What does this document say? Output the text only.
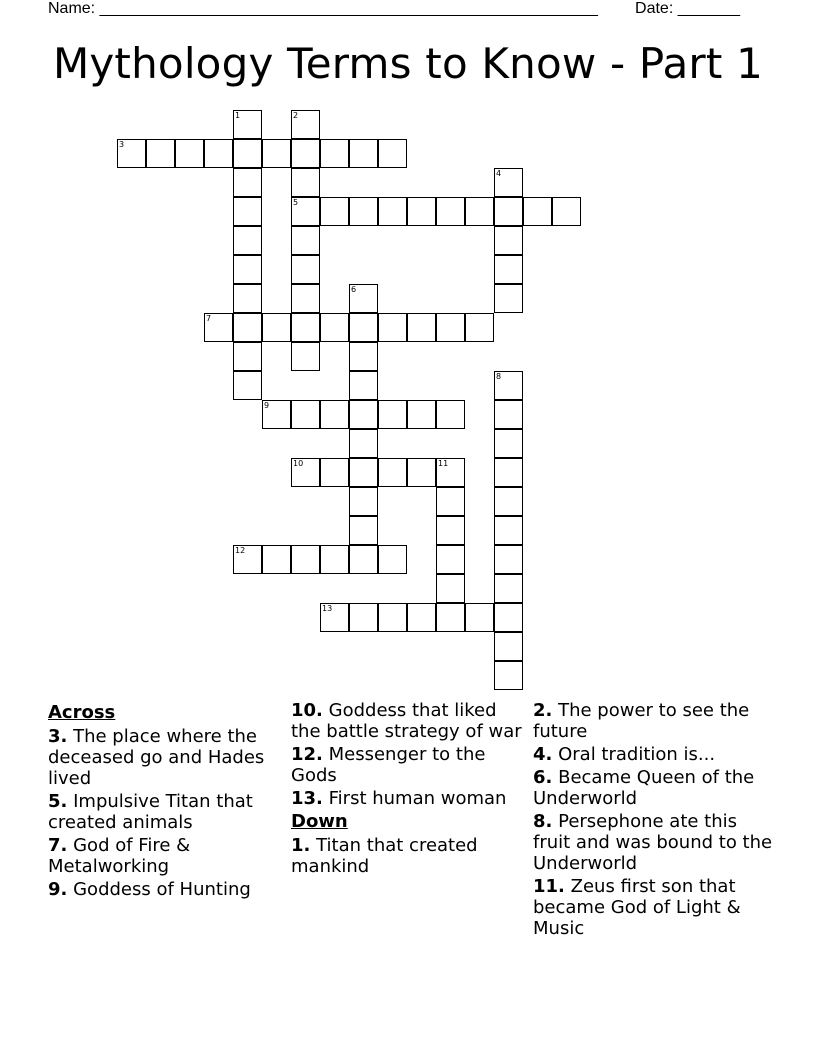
Name: ________________________________________________________ Date: _______
Mythology Terms to Know - Part 1
1	2
5
3
4
6
7
8
9
10	11
12
13
Across
3. The place where the deceased go and Hades lived
5. Impulsive Titan that created animals
7. God of Fire & Metalworking
9. Goddess of Hunting
10. Goddess that liked the battle strategy of war
12. Messenger to the Gods
13. First human woman
Down
1. Titan that created mankind
2. The power to see the future
4. Oral tradition is...
6. Became Queen of the Underworld
8. Persephone ate this fruit and was bound to the Underworld
11. Zeus first son that became God of Light & Music
